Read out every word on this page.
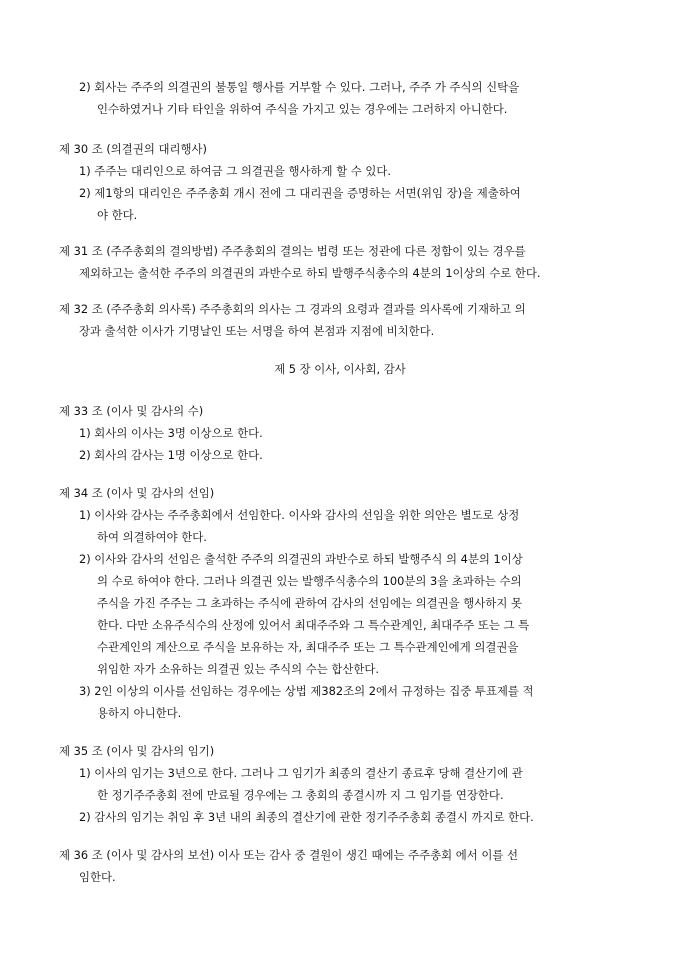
2) 회사는 주주의 의결권의 불통일 행사를 거부할 수 있다. 그러나, 주주 가 주식의 신탁을
인수하였거나 기타 타인을 위하여 주식을 가지고 있는 경우에는 그러하지 아니한다.
제 30 조 (의결권의 대리행사)
1) 주주는 대리인으로 하여금 그 의결권을 행사하게 할 수 있다.
2) 제1항의 대리인은 주주총회 개시 전에 그 대리권을 증명하는 서면(위임 장)을 제출하여
야 한다.
제 31 조 (주주총회의 결의방법) 주주총회의 결의는 법령 또는 정관에 다른 정함이 있는 경우를
제외하고는 출석한 주주의 의결권의 과반수로 하되 발행주식총수의 4분의 1이상의 수로 한다.
제 32 조 (주주총회 의사록) 주주총회의 의사는 그 경과의 요령과 결과를 의사록에 기재하고 의
장과 출석한 이사가 기명날인 또는 서명을 하여 본점과 지점에 비치한다.
제 5 장 이사, 이사회, 감사
제 33 조 (이사 및 감사의 수)
1) 회사의 이사는 3명 이상으로 한다.
2) 회사의 감사는 1명 이상으로 한다.
제 34 조 (이사 및 감사의 선임)
1) 이사와 감사는 주주총회에서 선임한다. 이사와 감사의 선임을 위한 의안은 별도로 상정
하여 의결하여야 한다.
2) 이사와 감사의 선임은 출석한 주주의 의결권의 과반수로 하되 발행주식 의 4분의 1이상
의 수로 하여야 한다. 그러나 의결권 있는 발행주식총수의 100분의 3을 초과하는 수의
주식을 가진 주주는 그 초과하는 주식에 관하여 감사의 선임에는 의결권을 행사하지 못
한다. 다만 소유주식수의 산정에 있어서 최대주주와 그 특수관계인, 최대주주 또는 그 특
수관계인의 계산으로 주식을 보유하는 자, 최대주주 또는 그 특수관계인에게 의결권을
위임한 자가 소유하는 의결권 있는 주식의 수는 합산한다.
3) 2인 이상의 이사를 선임하는 경우에는 상법 제382조의 2에서 규정하는 집중 투표제를 적
용하지 아니한다.
제 35 조 (이사 및 감사의 임기)
1) 이사의 임기는 3년으로 한다. 그러나 그 임기가 최종의 결산기 종료후 당해 결산기에 관
한 정기주주총회 전에 만료될 경우에는 그 총회의 종결시까 지 그 임기를 연장한다.
2) 감사의 임기는 취임 후 3년 내의 최종의 결산기에 관한 정기주주총회 종결시 까지로 한다.
제 36 조 (이사 및 감사의 보선) 이사 또는 감사 중 결원이 생긴 때에는 주주총회 에서 이를 선
임한다.
